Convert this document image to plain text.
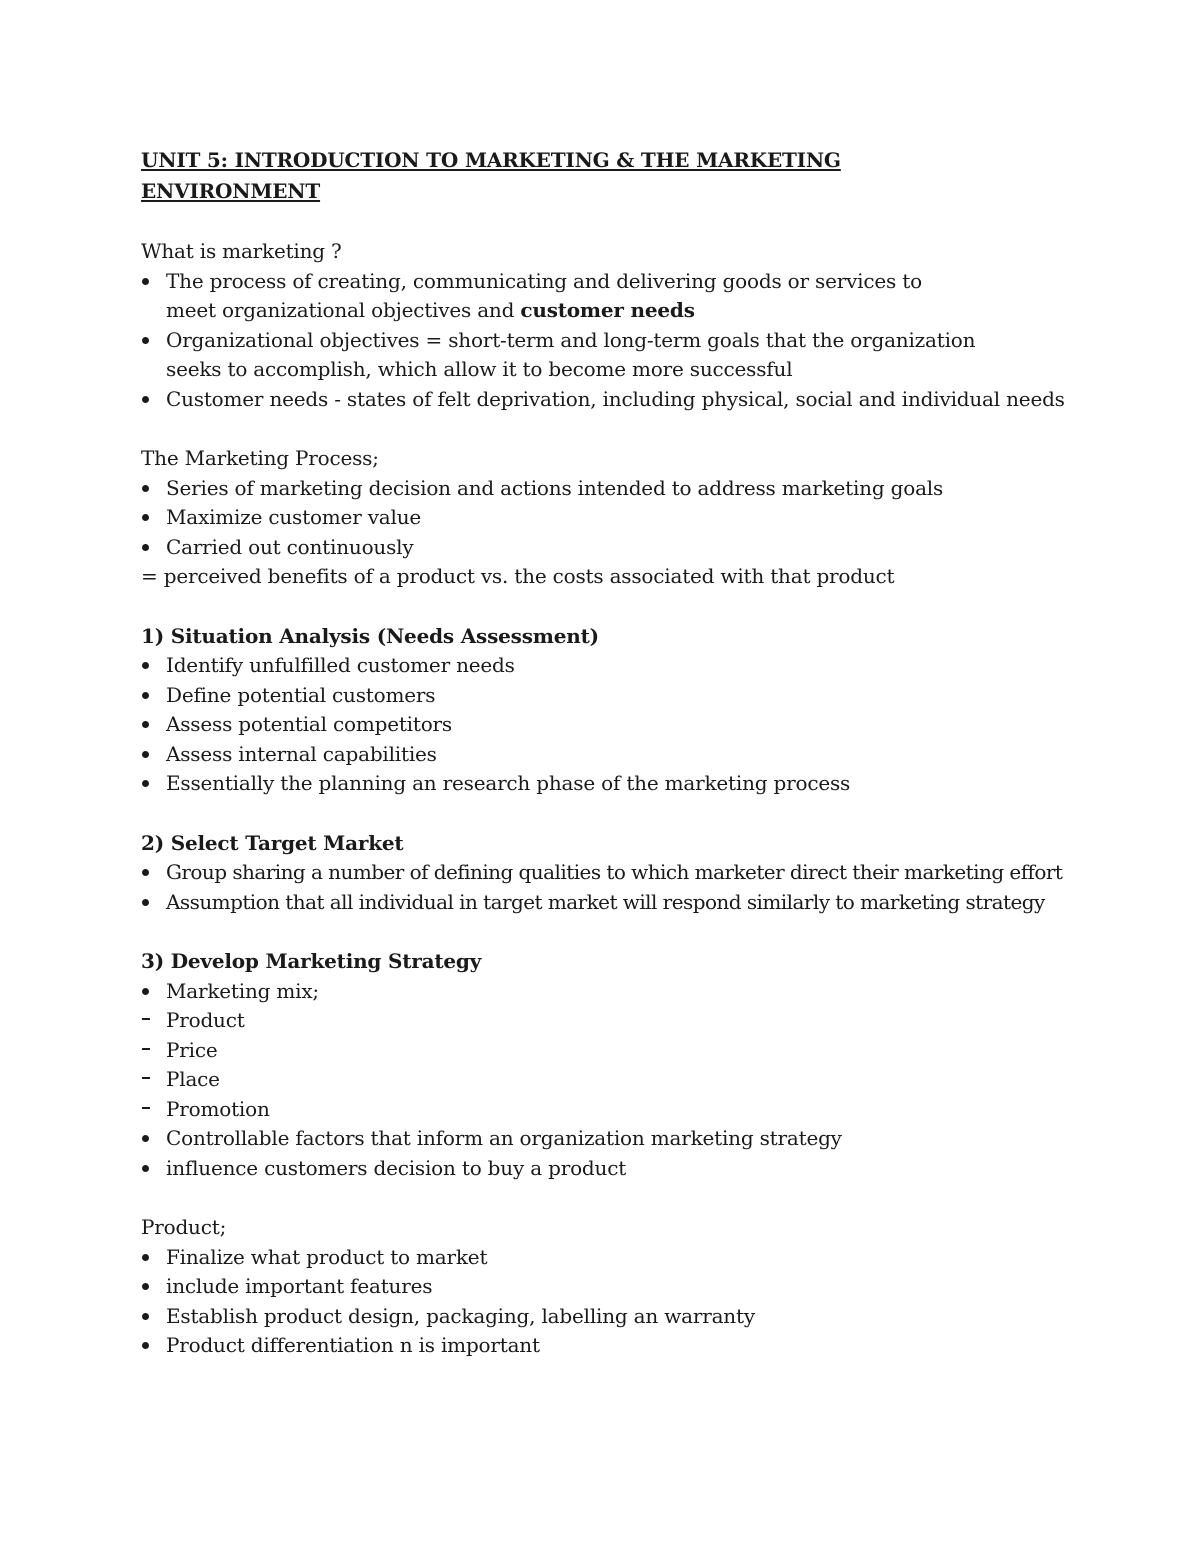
UNIT 5: INTRODUCTION TO MARKETING & THE MARKETING ENVIRONMENT

What is marketing ?

The process of creating, communicating and delivering goods or services to meet organizational objectives and customer needs
Organizational objectives = short-term and long-term goals that the organization seeks to accomplish, which allow it to become more successful
Customer needs - states of felt deprivation, including physical, social and individual needs

The Marketing Process;

Series of marketing decision and actions intended to address marketing goals
Maximize customer value
Carried out continuously

= perceived benefits of a product vs. the costs associated with that product

1) Situation Analysis (Needs Assessment)

Identify unfulfilled customer needs
Define potential customers
Assess potential competitors
Assess internal capabilities
Essentially the planning an research phase of the marketing process

2) Select Target Market

Group sharing a number of defining qualities to which marketer direct their marketing effort
Assumption that all individual in target market will respond similarly to marketing strategy

3) Develop Marketing Strategy

Marketing mix;
Product
Price
Place
Promotion
Controllable factors that inform an organization marketing strategy
influence customers decision to buy a product

Product;

Finalize what product to market
include important features
Establish product design, packaging, labelling an warranty
Product differentiation n is important
